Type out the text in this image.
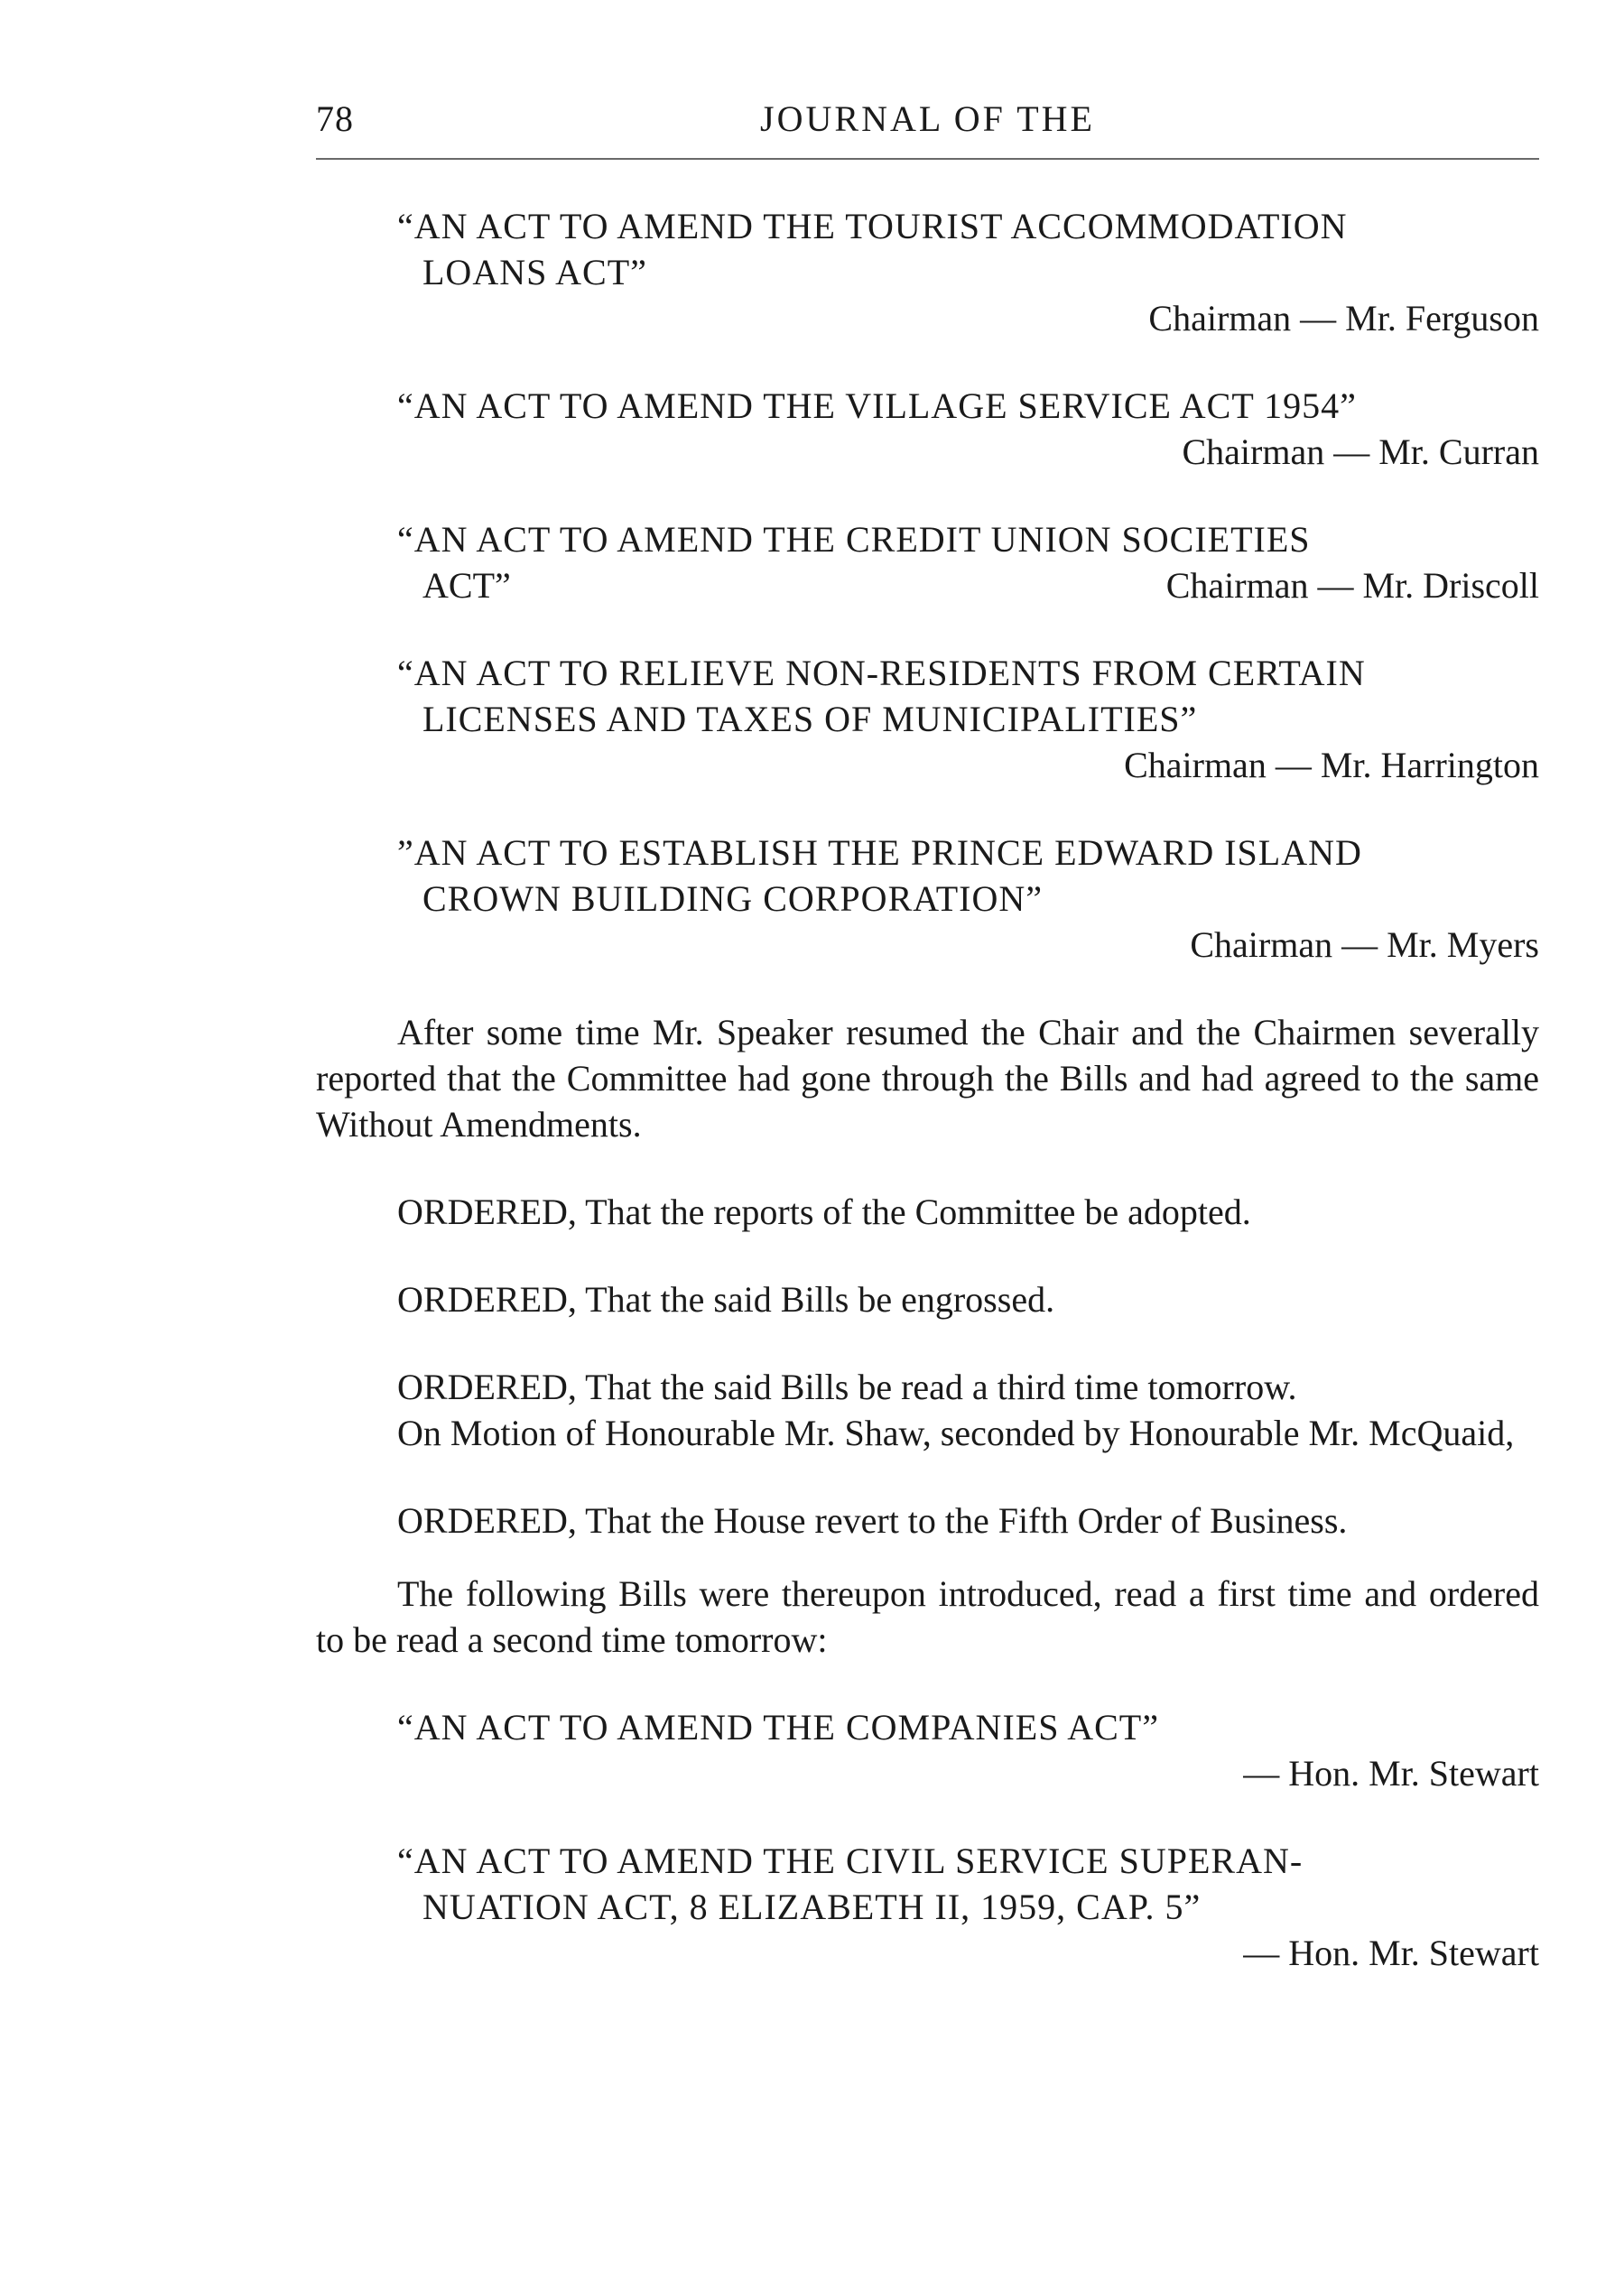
78	JOURNAL OF THE
“AN ACT TO AMEND THE TOURIST ACCOMMODATION
LOANS ACT”
Chairman — Mr. Ferguson
“AN ACT TO AMEND THE VILLAGE SERVICE ACT 1954”
Chairman — Mr. Curran
“AN ACT TO AMEND THE CREDIT UNION SOCIETIES
ACT”	Chairman — Mr. Driscoll
“AN ACT TO RELIEVE NON-RESIDENTS FROM CERTAIN
LICENSES AND TAXES OF MUNICIPALITIES”
Chairman — Mr. Harrington
”AN ACT TO ESTABLISH THE PRINCE EDWARD ISLAND
CROWN BUILDING CORPORATION”
Chairman — Mr. Myers

After some time Mr. Speaker resumed the Chair and the Chairmen severally reported that the Committee had gone through the Bills and had agreed to the same Without Amendments.

ORDERED, That the reports of the Committee be adopted.

ORDERED, That the said Bills be engrossed.

ORDERED, That the said Bills be read a third time tomorrow.

On Motion of Honourable Mr. Shaw, seconded by Honourable Mr. McQuaid,

ORDERED, That the House revert to the Fifth Order of Business.

The following Bills were thereupon introduced, read a first time and ordered to be read a second time tomorrow:

“AN ACT TO AMEND THE COMPANIES ACT”
— Hon. Mr. Stewart
“AN ACT TO AMEND THE CIVIL SERVICE SUPERAN-
NUATION ACT, 8 ELIZABETH II, 1959, CAP. 5”
— Hon. Mr. Stewart
